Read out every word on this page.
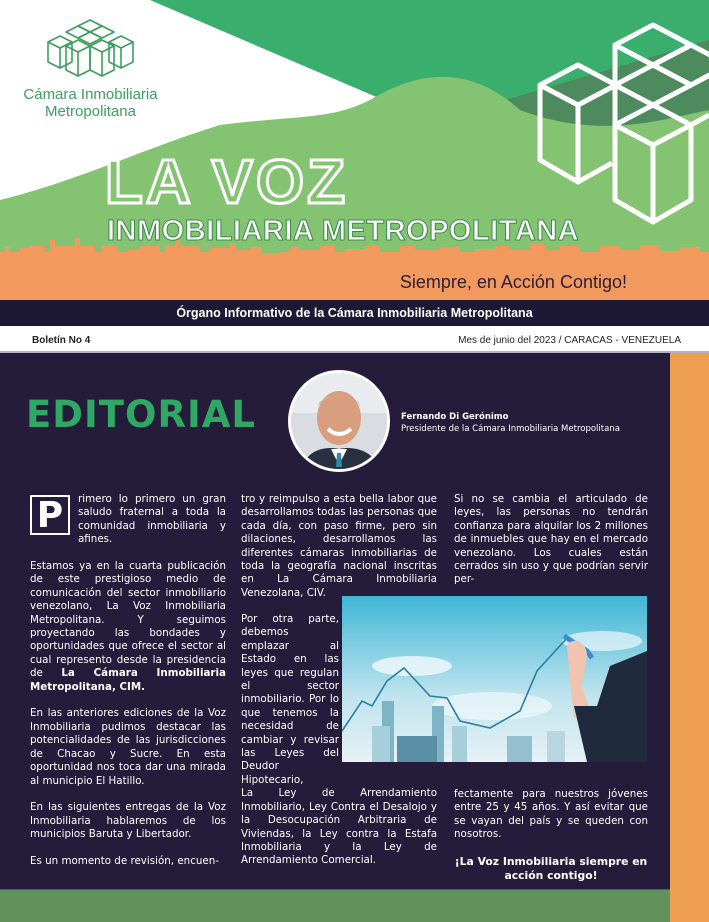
Cámara Inmobiliaria
Metropolitana
LA VOZ
INMOBILIARIA METROPOLITANA
Siempre, en Acción Contigo!
Órgano Informativo de la Cámara Inmobiliaria Metropolitana
Boletín No 4	Mes de junio del 2023 / CARACAS - VENEZUELA
EDITORIAL	Fernando Di Gerónimo
Presidente de la Cámara Inmobiliaria Metropolitana

P	rimero lo primero un gran saludo fraternal a toda la comunidad inmobiliaria y afines.

Estamos ya en la cuarta publicación de este prestigioso medio de comunicación del sector inmobiliario venezolano, La Voz Inmobiliaria Metropolitana. Y seguimos proyectando las bondades y oportunidades que ofrece el sector al cual represento desde la presidencia de La Cámara Inmobiliaria Metropolitana, CIM.

En las anteriores ediciones de la Voz Inmobiliaria pudimos destacar las potencialidades de las jurisdicciones de Chacao y Sucre. En esta oportunidad nos toca dar una mirada al municipio El Hatillo.

En las siguientes entregas de la Voz Inmobiliaria hablaremos de los municipios Baruta y Libertador.

Es un momento de revisión, encuen-

tro y reimpulso a esta bella labor que desarrollamos todas las personas que cada día, con paso firme, pero sin dilaciones, desarrollamos las diferentes cámaras inmobiliarias de toda la geografía nacional inscritas en La Cámara Inmobiliaria Venezolana, CIV.

Por otra parte, debemos emplazar al Estado en las leyes que regulan el sector inmobiliario. Por lo que tenemos la necesidad de cambiar y revisar las Leyes del Deudor Hipotecario,

La Ley de Arrendamiento Inmobiliario, Ley Contra el Desalojo y la Desocupación Arbitraria de Viviendas, la Ley contra la Estafa Inmobiliaria y la Ley de Arrendamiento Comercial.

Si no se cambia el articulado de leyes, las personas no tendrán confianza para alquilar los 2 millones de inmuebles que hay en el mercado venezolano. Los cuales están cerrados sin uso y que podrían servir per-

fectamente para nuestros jóvenes entre 25 y 45 años. Y así evitar que se vayan del país y se queden con nosotros.

¡La Voz Inmobiliaria siempre en acción contigo!
